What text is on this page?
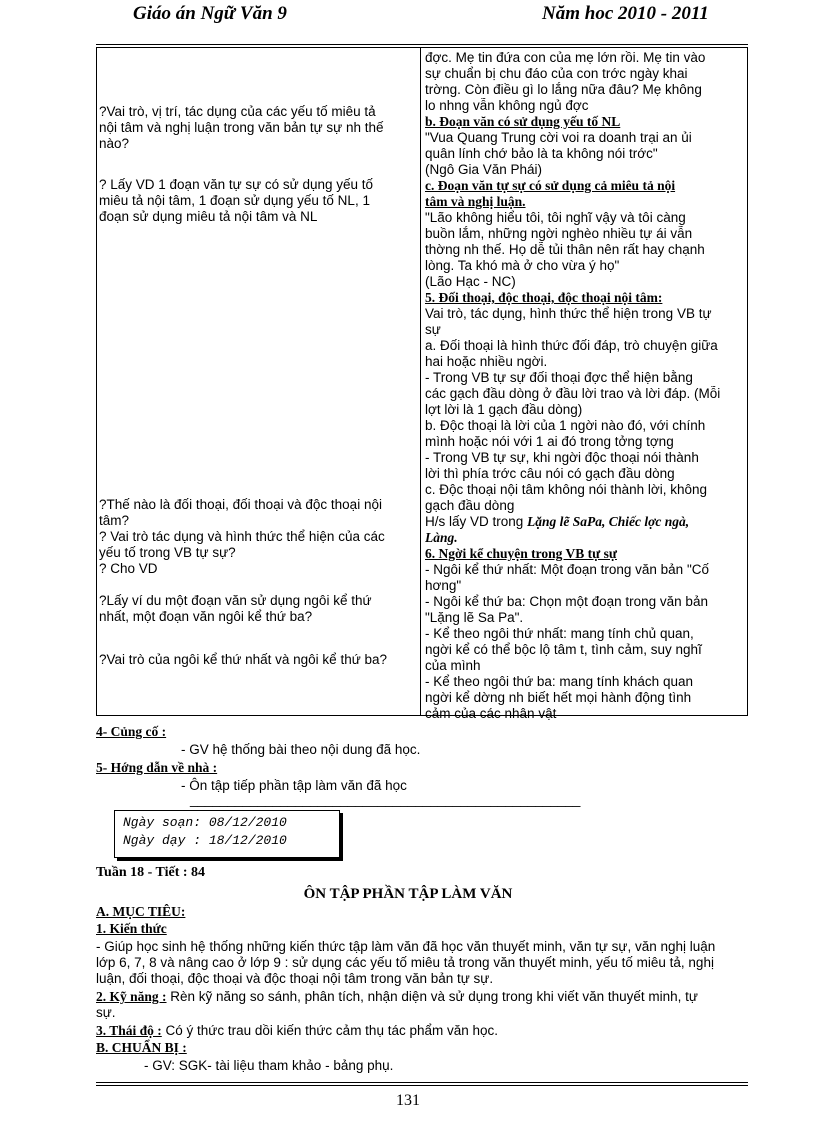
Giáo án Ngữ Văn 9	Năm hoc 2010 - 2011
?Vai trò, vị trí, tác dụng của các yếu tố miêu tả
nội tâm và nghị luận trong văn bản tự sự nh thế
nào?
? Lấy VD 1 đoạn văn tự sự có sử dụng yếu tố
miêu tả nội tâm, 1 đoạn sử dụng yếu tố NL, 1
đoạn sử dụng miêu tả nội tâm và NL
?Thế nào là đối thoại, đối thoại và độc thoại nội
tâm?
? Vai trò tác dụng và hình thức thể hiện của các
yếu tố trong VB tự sự?
? Cho VD
?Lấy ví du một đoạn văn sử dụng ngôi kể thứ
nhất, một đoạn văn ngôi kể thứ ba?
?Vai trò của ngôi kể thứ nhất và ngôi kể thứ ba?
đợc. Mẹ tin đứa con của mẹ lớn rồi. Mẹ tin vào
sự chuẩn bị chu đáo của con trớc ngày khai
trờng. Còn điều gì lo lắng nữa đâu? Mẹ không
lo nhng vẫn không ngủ đợc
b. Đoạn văn có sử dụng yếu tố NL
"Vua Quang Trung cời voi ra doanh trại an ủi
quân lính chớ bảo là ta không nói trớc"
(Ngô Gia Văn Phái)
c. Đoạn văn tự sự có sử dụng cả miêu tả nội
tâm và nghị luận.
"Lão không hiểu tôi, tôi nghĩ vậy và tôi càng
buồn lắm, những ngời nghèo nhiều tự ái vẫn
thờng nh thế. Họ dễ tủi thân nên rất hay chạnh
lòng. Ta khó mà ở cho vừa ý họ"
(Lão Hạc - NC)
5. Đối thoại, độc thoại, độc thoại nội tâm:
Vai trò, tác dụng, hình thức thể hiện trong VB tự
sự
a. Đối thoại là hình thức đối đáp, trò chuyện giữa
hai hoặc nhiều ngời.
- Trong VB tự sự đối thoại đợc thể hiện bằng
các gạch đầu dòng ở đầu lời trao và lời đáp. (Mỗi
lợt lời là 1 gạch đầu dòng)
b. Độc thoại là lời của 1 ngời nào đó, với chính
mình hoặc nói với 1 ai đó trong tởng tợng
- Trong VB tự sự, khi ngời độc thoại nói thành
lời thì phía trớc câu nói có gạch đầu dòng
c. Độc thoại nội tâm không nói thành lời, không
gạch đầu dòng
H/s lấy VD trong Lặng lẽ SaPa, Chiếc lợc ngà,
Làng.
6. Ngời kể chuyện trong VB tự sự
- Ngôi kể thứ nhất: Một đoạn trong văn bản "Cố
hơng"
- Ngôi kể thứ ba: Chọn một đoạn trong văn bản
"Lặng lẽ Sa Pa".
- Kể theo ngôi thứ nhất: mang tính chủ quan,
ngời kể có thể bộc lộ tâm t, tình cảm, suy nghĩ
của mình
- Kể theo ngôi thứ ba: mang tính khách quan
ngời kể dờng nh biết hết mọi hành động tình
cảm của các nhân vật
4- Củng cố :
- GV hệ thống bài theo nội dung đã học.
5- Hớng dẫn về nhà :
- Ôn tập tiếp phần tập làm văn đã học
____________________________________________________
Ngày soạn: 08/12/2010
Ngày dạy : 18/12/2010
Tuần 18 - Tiết : 84
ÔN TẬP PHẦN TẬP LÀM VĂN
A. MỤC TIÊU:
1. Kiến thức
- Giúp học sinh hệ thống những kiến thức tập làm văn đã học văn thuyết minh, văn tự sự, văn nghị luận
lớp 6, 7, 8 và nâng cao ở lớp 9 : sử dụng các yếu tố miêu tả trong văn thuyết minh, yếu tố miêu tả, nghị
luận, đối thoại, độc thoại và độc thoại nội tâm trong văn bản tự sự.
2. Kỹ năng : Rèn kỹ năng so sánh, phân tích, nhận diện và sử dụng trong khi viết văn thuyết minh, tự
sự.
3. Thái độ : Có ý thức trau dồi kiến thức cảm thụ tác phẩm văn học.
B. CHUẨN BỊ :
- GV: SGK- tài liệu tham khảo - bảng phụ.
131
